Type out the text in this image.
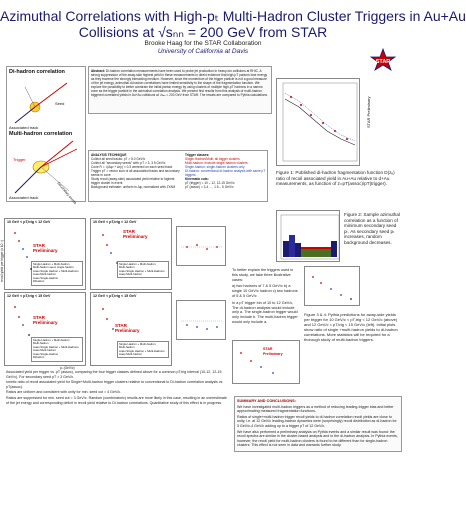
Azimuthal Correlations with High-pₜ Multi-Hadron Cluster Triggers in Au+Au
Collisions at √sₙₙ = 200 GeV from STAR
Brooke Haag for the STAR Collaboration
University of California at Davis
STAR
Di-hadron correlation
Multi-hadron correlation
Seed
Associated track
Trigger
Associated track	Secondary seeds
Abstract: Di-hadron correlation measurements have been used to probe jet production in heavy-ion collisions at RHIC. A strong suppression of the away-side highest yield in these measurements in direct evidence that high-pT partons lose energy as they traverse the strongly interacting medium. However, since the momentum of the trigger particle is not a good measure of the jet energy, azimuthal di-hadron correlations have limited sensitivity to the shape of the fragmentation function. We explore the possibility to better constrain the initial parton energy by using clusters of multiple high-pT hadrons in a narrow cone as the trigger particle in the azimuthal correlation analysis. We present first results from this analysis of multi-hadron triggered correlated yields in Au+Au collisions at √sₙₙ = 200 GeV from STAR. The results are compared to Pythia calculations.
ANALYSIS TECHNIQUE
Collect all seed tracks: pT > 5.0 GeV/c
Collect all "secondary seeds" with: pT > 3, 3.5 GeV/c
Cone R = √(Δφ² + Δη²) < 0.3 centered on each seed track
Trigger pT = vector sum of all associated tracks and secondary seeds in cone
Study recoil (away-side) associated yield relative to highest trigger cluster in event
Background estimate: uniform in Δφ, normalized with ZYAM
Trigger classes:
Single-Hadron/Multi: all trigger clusters
Multi-hadron: exclude single-hadron clusters
Single-hadron: single-hadron clusters only
Di-hadron: conventional di-hadron analysis with same pT triggers
Kinematic cuts:
pT (trigger) = 10 – 12, 12-15 GeV/c
pT (assoc) = 3-4 …, 1.5 – 5 GeV/c
STAR Preliminary
Figure 1: Published di-hadron fragmentation function D(zₑ) ratio of recoil associated yield in Au+Au relative to d+Au measurements, as function of z=pT(assoc)/pT(trigger).
Figure 2: Sample azimuthal correlation as a function of minimum secondary seed pₜ. As secondary seed pₜ increases, random background decreases.
10 GeV < pT,trig < 12 GeV
STAR Preliminary
Single Hadron + Multi-hadron
Multi-hadron seed, single hadron
Auau Single Hadron + Multi-Hadrons
Auau Multi-hadron
Auau Single-Hadron
Dihadron
recoil yield per trigger (x 10⁻²)
10 GeV < pT,trig < 12 GeV
STAR Preliminary
Single Hadron + Multi-hadron
Multi-hadron
Auau Single Hadron + Multi-Hadrons
Auau Multi-hadron
12 GeV < pT,trig < 15 GeV
STAR Preliminary
Single Hadron + Multi-hadron
Multi-hadron
Auau Single Hadron + Multi-Hadrons
Auau Multi-hadron
Auau Single-Hadron
Dihadron
pₜ (GeV/c)
12 GeV < pT,trig < 15 GeV
STAR Preliminary
Single Hadron + Multi-hadron
Multi-hadron
Auau Single Hadron + Multi-Hadrons
Auau Multi-hadron
To better explain the triggers used in this study, we take three illustrative cases:
a) two hadrons of 7 & 5 GeV/c b) a single 10 GeV/c hadron c) two hadrons of 5 & 5 GeV/c
In a pT trigger bin of 10 to 12 GeV/c, The di-hadron analysis would include only a. The single-hadron trigger would only include b. The multi-hadron trigger would only include a.
STAR Preliminary
Figure 3 & 4: Pythia predictions for away-side yields per trigger for 10 GeV/c < pT,trig < 12 GeV/c (above) and 12 GeV/c < pT,trig < 15 GeV/c (left). Initial plots show ratio of single +multi-hadron yields to di-hadron correlations. More statistics will be required for a thorough study of multi-hadron triggers.
Associated yield per trigger vs. pT (assoc), comparing the four trigger classes defined above for a common pT,trig interval (10-12, 12-15 GeV/c). For secondary seed pT > 3 GeV/c.
Ionetic ratio of recoil associated yield for Single+Multi-hadron trigger clusters relative to conventional to Di-hadron correlation analysis vs pT(assoc).
Ratios are uniform and consistent with unity for min. seed cut = 4 GeV/c.
Ratios are suppressed for min. seed cut = 3 GeV/c. Random (combinatoric) results are more likely in this case, resulting in an overestimate of the jet energy and corresponding deficit in recoil yield relative to Di-hadron correlations. Quantitative study of this effect is in progress.	SUMMARY AND CONCLUSIONS:
We have investigated multi-hadron triggers as a method of reducing leading-trigger bias and better approximating measured fragmentation functions.
Ratios of single+multi-hadron trigger recoil yields to di-hadron correlation recoil yields are close to unity, i.e. at 12 GeV/c leading-hadron dynamics were (surprisingly) recoil distribution as di-hadron for 3 GeV/c-4 GeV/c adding up to a trigger pT of 12 GeV/c.
We have also performed a preliminary analysis on Pythia events and a similar result was found: the recoil spectra are similar in the cluster-based analysis and in the di-hadron analysis. In Pythia events, however, the recoil yield for multi-hadron clusters is found to be different than for single-hadron clusters. This effect is not seen in data and warrants further study.
